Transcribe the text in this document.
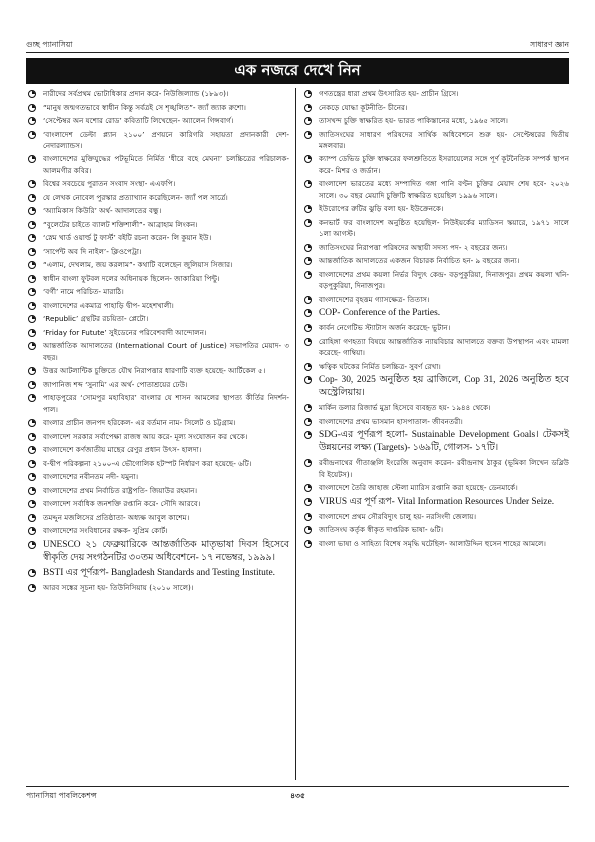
গুচ্ছ প্যানাসিয়া	সাধারণ জ্ঞান
এক নজরে দেখে নিন
নারীদের সর্বপ্রথম ভোটাধিকার প্রদান করে- নিউজিল্যান্ড (১৮৯৩)।
“মানুষ জন্মগতভাবে স্বাধীন কিন্তু সর্বত্রই সে শৃঙ্খলিত”- জ্যাঁ জ্যাক রুশো।
‘সেপ্টেম্বর অন যশোর রোড’ কবিতাটি লিখেছেন- অ্যালেন গিন্সবার্গ।
‘বাংলাদেশ ডেল্টা প্ল্যান ২১০০’ প্রণয়নে কারিগরি সহায়তা প্রদানকারী দেশ- নেদারল্যান্ডস।
বাংলাদেশের মুক্তিযুদ্ধের পটভূমিতে নির্মিত ‘ধীরে বহে মেঘনা’ চলচ্চিত্রের পরিচালক- আলমগীর কবির।
বিশ্বের সবচেয়ে পুরাতন সংবাদ সংস্থা- এএফপি।
যে লেখক নোবেল পুরস্কার প্রত্যাখ্যান করেছিলেন- জ্যাঁ পল সার্ত্রে।
‘অ্যামিকাস কিউরি’ অর্থ- আদালতের বন্ধু।
“বুলেটের চাইতে ব্যালট শক্তিশালী”- আব্রাহাম লিংকন।
‘স্নেম খার্ড ওয়ার্ল্ড টু ফার্স্ট’ বইটি রচনা করেন- লি কুয়ান ইউ।
‘সার্পেন্ট অব দি নাইল’- ক্লিওপেট্রা।
“এলাম, দেখলাম, জয় করলাম”- কথাটি বলেছেন জুলিয়াস সিজার।
স্বাধীন বাংলা ফুটবল দলের অধিনায়ক ছিলেন- জাকারিয়া পিন্টু।
‘বর্গী’ নামে পরিচিত- মারাঠি।
বাংলাদেশের একমাত্র পাহাড়ি দ্বীপ- মহেশখালী।
‘Republic’ গ্রন্থটির রচয়িতা- প্লেটো।
‘Friday for Futute’ সুইডেনের পরিবেশবাদী আন্দোলন।
আন্তর্জাতিক আদালতের (International Court of Justice) সভাপতির মেয়াদ- ৩ বছর।
উত্তর আটলান্টিক চুক্তিতে যৌথ নিরাপত্তার ধারণাটি ব্যক্ত হয়েছে- আর্টিকেল ৫।
জাপানিজ শব্দ ‘সুনামি’ এর অর্থ- পোতাশ্রয়ের ঢেউ।
পাহাড়পুরের ‘সোমপুর মহাবিহার’ বাংলার যে শাসন আমলের স্থাপত্য কীর্তির নিদর্শন- পাল।
বাংলার প্রাচীন জনপদ হরিকেল- এর বর্তমান নাম- সিলেট ও চট্টগ্রাম।
বাংলাদেশ সরকার সর্বাপেক্ষা রাজস্ব আয় করে- মূল্য সংযোজন কর থেকে।
বাংলাদেশে কর্ণজাতীয় মাছের রেণুর প্রধান উৎস- হালদা।
ব-দ্বীপ পরিকল্পনা ২১০০-এ ভৌগোলিক হটস্পট নির্ধারণ করা হয়েছে- ৬টি।
বাংলাদেশের নবীনতম নদী- যমুনা।
বাংলাদেশের প্রথম নির্বাচিত রাষ্ট্রপতি- জিয়াউর রহমান।
বাংলাদেশ সর্বাধিক জনশক্তি রপ্তানি করে- সৌদি আরবে।
তমদ্দুন মজলিসের প্রতিষ্ঠাতা- অধ্যক্ষ আবুল কাশেম।
বাংলাদেশের সংবিধানের রক্ষক- সুপ্রিম কোর্ট।
UNESCO ২১ ফেব্রুয়ারিকে আন্তর্জাতিক মাতৃভাষা দিবস হিসেবে স্বীকৃতি দেয় সংগঠনটির ৩০তম অধিবেশনে- ১৭ নভেম্বর, ১৯৯৯।
BSTI এর পূর্ণরূপ- Bangladesh Standards and Testing Institute.
আরব সঙ্কের সূচনা হয়- তিউনিসিয়ায় (২০১০ সালে)।
গণতন্ত্রের ধারা প্রথম উৎসারিত হয়- প্রাচীন গ্রিসে।
নেকড়ে যোদ্ধা কূটনীতি- চীনের।
তাসখন্দ চুক্তি স্বাক্ষরিত হয়- ভারত পাকিস্তানের মধ্যে, ১৯৬৫ সালে।
জাতিসংঘের সাধারণ পরিষদের সার্থিক অধিবেশনে শুরু হয়- সেপ্টেম্বরের দ্বিতীয় মঙ্গলবার।
ক্যাম্প ডেভিড চুক্তি স্বাক্ষরের ফলশ্রুতিতে ইসরায়েলের সঙ্গে পূর্ণ কূটনৈতিক সম্পর্ক স্থাপন করে- মিশর ও জর্ডান।
বাংলাদেশ ভারতের মধ্যে সম্পাদিত গঙ্গা পানি বণ্টন চুক্তির মেয়াদ শেষ হবে- ২০২৬ সালে। ৩০ বছর মেয়াদি চুক্তিটি স্বাক্ষরিত হয়েছিল ১৯৯৬ সালে।
ইউরোপের রুটির ঝুড়ি বলা হয়- ইউক্রেনকে।
কনভার্ট ফর বাংলাদেশ অনুষ্ঠিত হয়েছিল- নিউইয়র্কের ম্যাডিসন স্কয়ারে, ১৯৭১ সালে ১লা আগস্ট।
জাতিসংঘের নিরাপত্তা পরিষদের অস্থায়ী সদস্য পদ- ২ বছরের জন্য।
আন্তর্জাতিক আদালতের একজন বিচারক নির্বাচিত হন- ৯ বছরের জন্য।
বাংলাদেশের প্রথম কয়লা নির্ভর বিদ্যুৎ কেন্দ্র- বড়পুকুরিয়া, দিনাজপুর। প্রথম কয়লা খনি- বড়পুকুরিয়া, দিনাজপুর।
বাংলাদেশের বৃহত্তম গ্যাসক্ষেত্র- তিতাস।
COP- Conference of the Parties.
কার্বন নেগেটিভ স্ট্যাটাস অর্জন করেছে- ভুটান।
রোহিঙ্গা গণহত্যা বিষয়ে আন্তর্জাতিক ন্যায়বিচার আদালতে বক্তব্য উপস্থাপন এবং মামলা করেছে- গাম্বিয়া।
ঋত্বিক ঘটকের নির্মিত চলচ্চিত্র- সুবর্ণ রেখা।
Cop- 30, 2025 অনুষ্ঠিত হয় ব্রাজিলে, Cop 31, 2026 অনুষ্ঠিত হবে অস্ট্রেলিয়ায়।
মার্কিন ডলার রিজার্ভ মুদ্রা হিসেবে ব্যবহৃত হয়- ১৯৪৪ থেকে।
বাংলাদেশের প্রথম ভাসমান হাসপাতাল- জীবনতরী।
SDG-এর পূর্ণরূপ হলো- Sustainable Development Goals। টেকসই উন্নয়নের লক্ষ্য (Targets)- ১৬৯টি, গোলস- ১৭টি।
রবীন্দ্রনাথের গীতাঞ্জলি ইংরেজি অনুবাদ করেন- রবীন্দ্রনাথ ঠাকুর (ভূমিকা লিখেন ডব্লিউ বি ইয়েটস)।
বাংলাদেশে তৈরি জাহাজ স্টেলা ম্যারিস রপ্তানি করা হয়েছে- ডেনমার্কে।
VIRUS এর পূর্ণ রূপ- Vital Information Resources Under Seize.
বাংলাদেশে প্রথম সৌরবিদ্যুৎ চালু হয়- নরসিংদী জেলায়।
জাতিসংঘ কর্তৃক স্বীকৃত দাপ্তরিক ভাষা- ৬টি।
বাংলা ভাষা ও সাহিত্য বিশেষ সমৃদ্ধি ঘটেছিল- আলাউদ্দিন হুসেন শাহের আমলে।
প্যানাসিয়া পাবলিকেশন্স	৪৩৫
